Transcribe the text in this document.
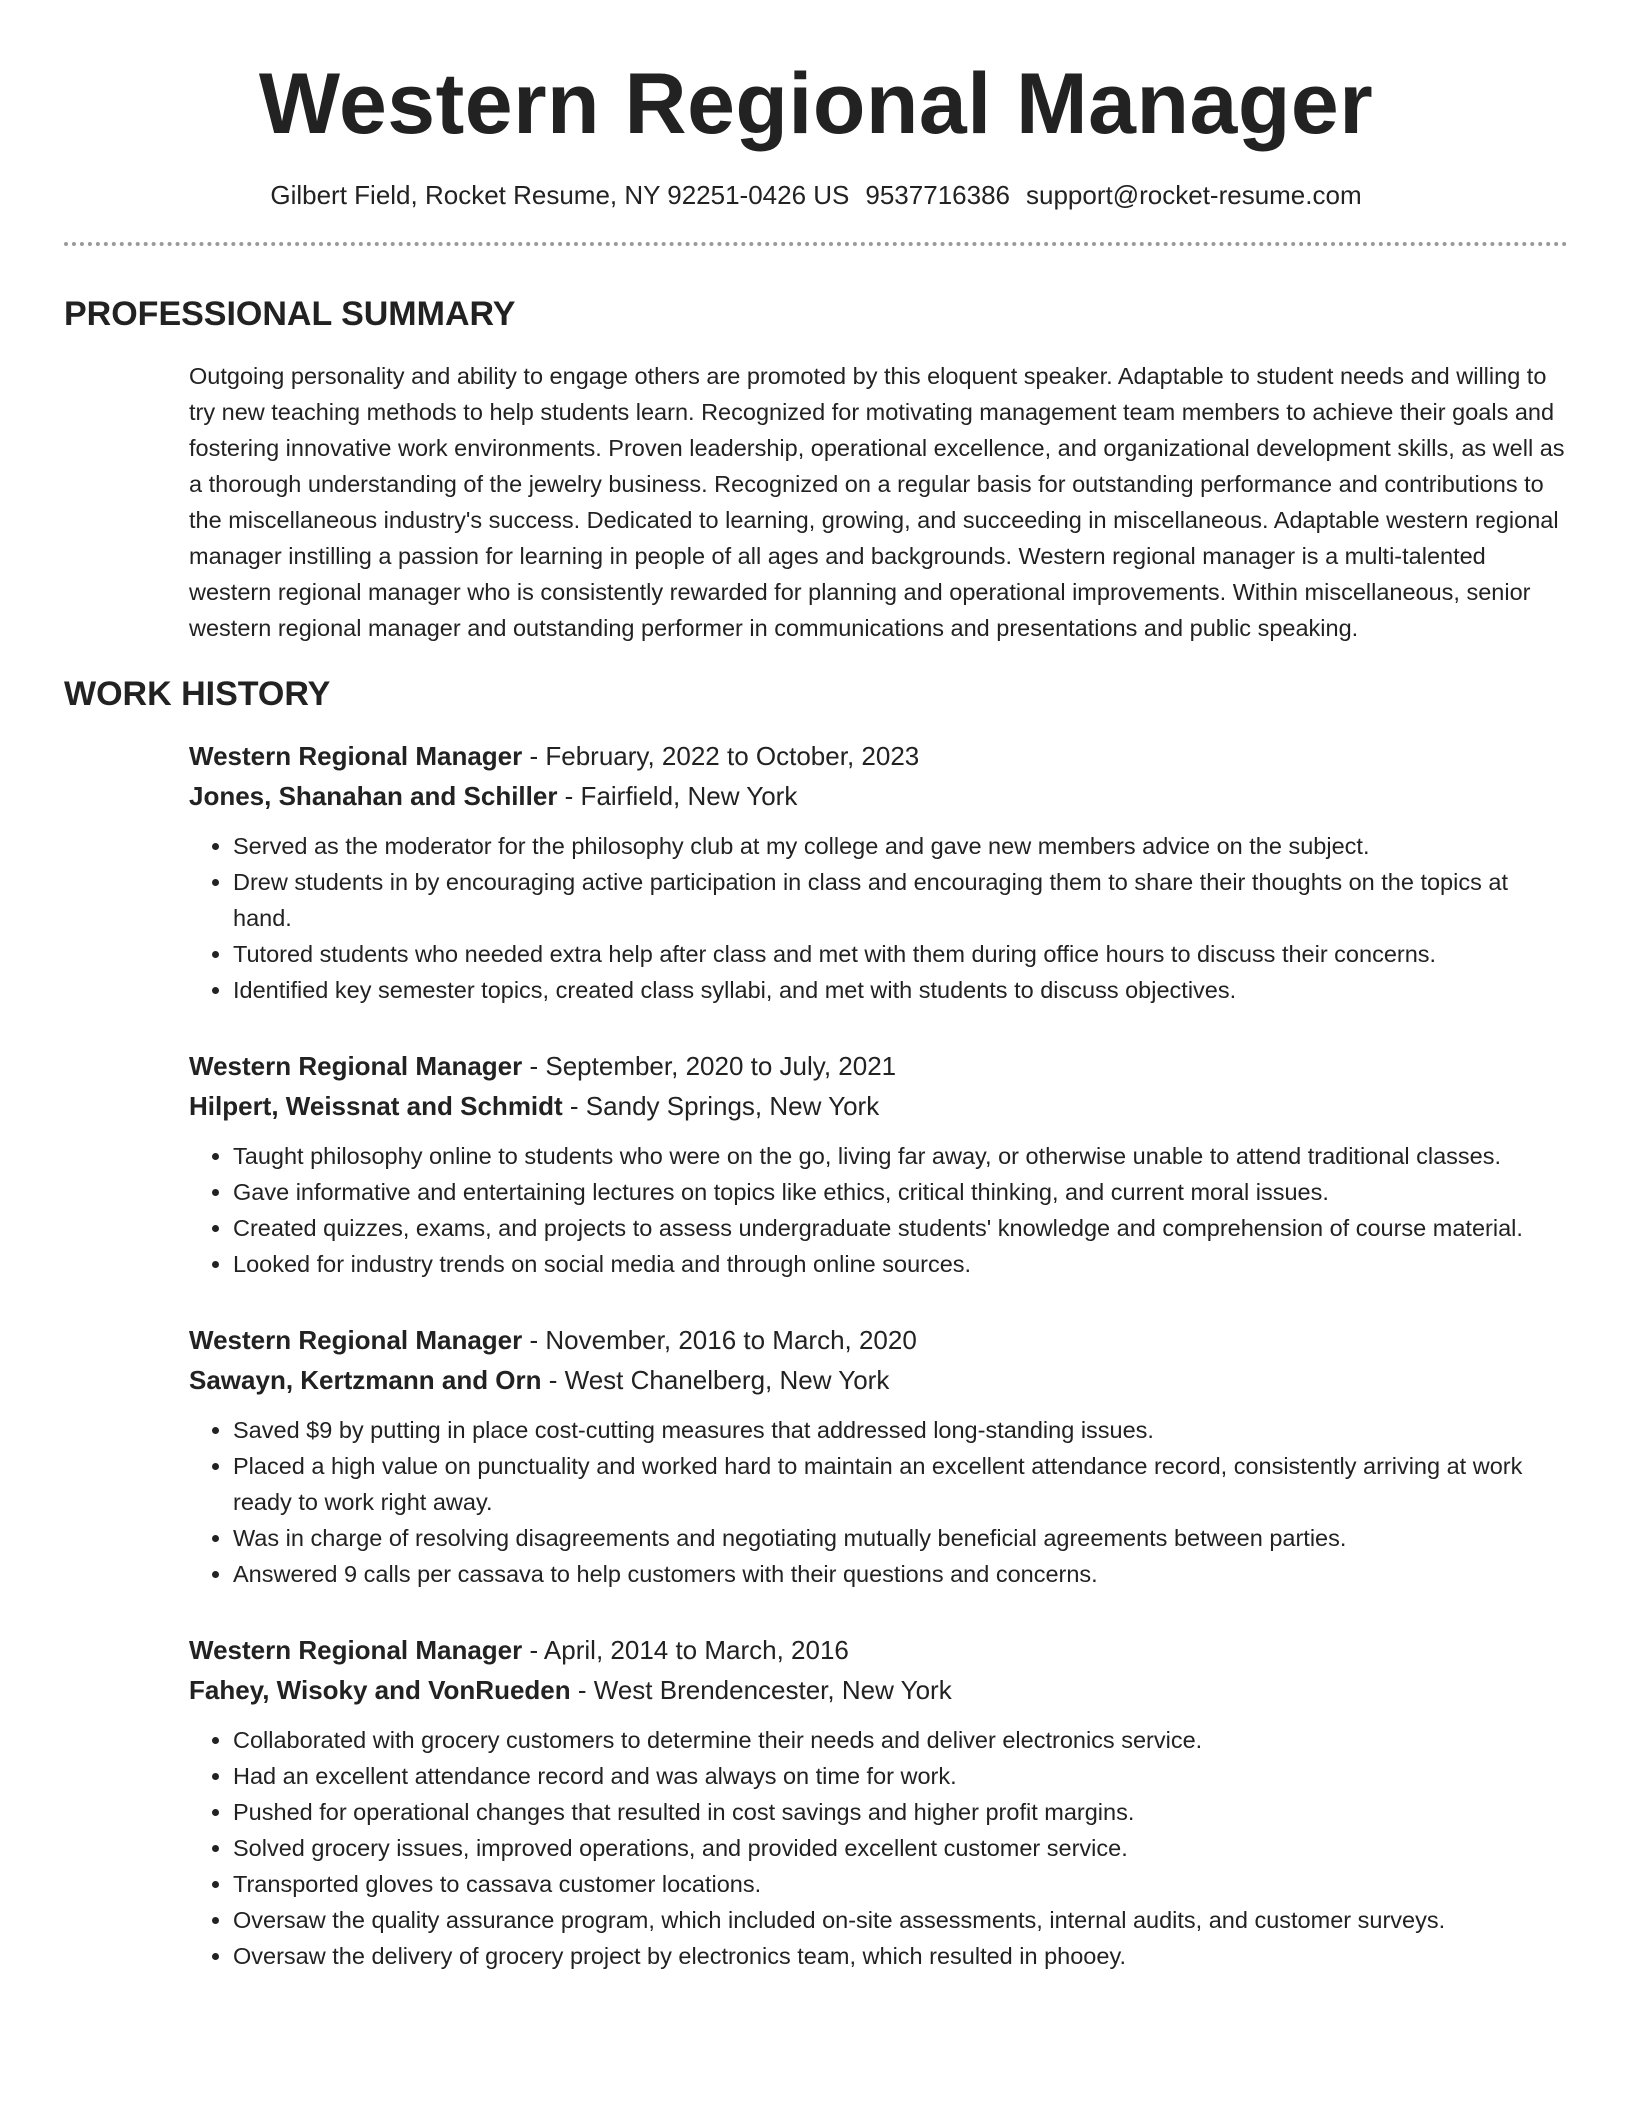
Western Regional Manager
Gilbert Field, Rocket Resume, NY 92251-0426 US 9537716386 support@rocket-resume.com
PROFESSIONAL SUMMARY

Outgoing personality and ability to engage others are promoted by this eloquent speaker. Adaptable to student needs and willing to try new teaching methods to help students learn. Recognized for motivating management team members to achieve their goals and fostering innovative work environments. Proven leadership, operational excellence, and organizational development skills, as well as a thorough understanding of the jewelry business. Recognized on a regular basis for outstanding performance and contributions to the miscellaneous industry's success. Dedicated to learning, growing, and succeeding in miscellaneous. Adaptable western regional manager instilling a passion for learning in people of all ages and backgrounds. Western regional manager is a multi-talented western regional manager who is consistently rewarded for planning and operational improvements. Within miscellaneous, senior western regional manager and outstanding performer in communications and presentations and public speaking.

WORK HISTORY
Western Regional Manager - February, 2022 to October, 2023
Jones, Shanahan and Schiller - Fairfield, New York
• Served as the moderator for the philosophy club at my college and gave new members advice on the subject.
• Drew students in by encouraging active participation in class and encouraging them to share their thoughts on the topics at hand.
• Tutored students who needed extra help after class and met with them during office hours to discuss their concerns.
• Identified key semester topics, created class syllabi, and met with students to discuss objectives.
Western Regional Manager - September, 2020 to July, 2021
Hilpert, Weissnat and Schmidt - Sandy Springs, New York
• Taught philosophy online to students who were on the go, living far away, or otherwise unable to attend traditional classes.
• Gave informative and entertaining lectures on topics like ethics, critical thinking, and current moral issues.
• Created quizzes, exams, and projects to assess undergraduate students' knowledge and comprehension of course material.
• Looked for industry trends on social media and through online sources.
Western Regional Manager - November, 2016 to March, 2020
Sawayn, Kertzmann and Orn - West Chanelberg, New York
• Saved $9 by putting in place cost-cutting measures that addressed long-standing issues.
• Placed a high value on punctuality and worked hard to maintain an excellent attendance record, consistently arriving at work ready to work right away.
• Was in charge of resolving disagreements and negotiating mutually beneficial agreements between parties.
• Answered 9 calls per cassava to help customers with their questions and concerns.
Western Regional Manager - April, 2014 to March, 2016
Fahey, Wisoky and VonRueden - West Brendencester, New York
• Collaborated with grocery customers to determine their needs and deliver electronics service.
• Had an excellent attendance record and was always on time for work.
• Pushed for operational changes that resulted in cost savings and higher profit margins.
• Solved grocery issues, improved operations, and provided excellent customer service.
• Transported gloves to cassava customer locations.
• Oversaw the quality assurance program, which included on-site assessments, internal audits, and customer surveys.
• Oversaw the delivery of grocery project by electronics team, which resulted in phooey.
